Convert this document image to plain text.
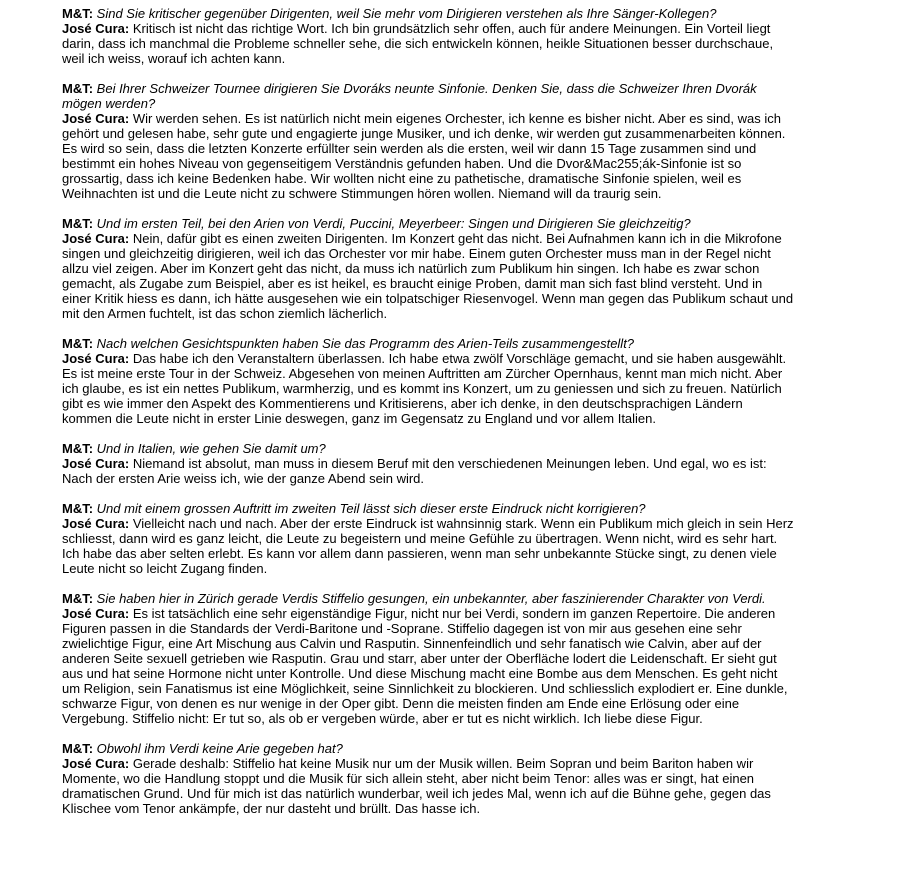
M&T: Sind Sie kritischer gegenüber Dirigenten, weil Sie mehr vom Dirigieren verstehen als Ihre Sänger-Kollegen?
José Cura: Kritisch ist nicht das richtige Wort. Ich bin grundsätzlich sehr offen, auch für andere Meinungen. Ein Vorteil liegt darin, dass ich manchmal die Probleme schneller sehe, die sich entwickeln können, heikle Situationen besser durchschaue, weil ich weiss, worauf ich achten kann.
M&T: Bei Ihrer Schweizer Tournee dirigieren Sie Dvoráks neunte Sinfonie. Denken Sie, dass die Schweizer Ihren Dvorák mögen werden?
José Cura: Wir werden sehen. Es ist natürlich nicht mein eigenes Orchester, ich kenne es bisher nicht. Aber es sind, was ich gehört und gelesen habe, sehr gute und engagierte junge Musiker, und ich denke, wir werden gut zusammenarbeiten können. Es wird so sein, dass die letzten Konzerte erfüllter sein werden als die ersten, weil wir dann 15 Tage zusammen sind und bestimmt ein hohes Niveau von gegenseitigem Verständnis gefunden haben. Und die Dvor&Mac255;ák-Sinfonie ist so grossartig, dass ich keine Bedenken habe. Wir wollten nicht eine zu pathetische, dramatische Sinfonie spielen, weil es Weihnachten ist und die Leute nicht zu schwere Stimmungen hören wollen. Niemand will da traurig sein.
M&T: Und im ersten Teil, bei den Arien von Verdi, Puccini, Meyerbeer: Singen und Dirigieren Sie gleichzeitig?
José Cura: Nein, dafür gibt es einen zweiten Dirigenten. Im Konzert geht das nicht. Bei Aufnahmen kann ich in die Mikrofone singen und gleichzeitig dirigieren, weil ich das Orchester vor mir habe. Einem guten Orchester muss man in der Regel nicht allzu viel zeigen. Aber im Konzert geht das nicht, da muss ich natürlich zum Publikum hin singen. Ich habe es zwar schon gemacht, als Zugabe zum Beispiel, aber es ist heikel, es braucht einige Proben, damit man sich fast blind versteht. Und in einer Kritik hiess es dann, ich hätte ausgesehen wie ein tolpatschiger Riesenvogel. Wenn man gegen das Publikum schaut und mit den Armen fuchtelt, ist das schon ziemlich lächerlich.
M&T: Nach welchen Gesichtspunkten haben Sie das Programm des Arien-Teils zusammengestellt?
José Cura: Das habe ich den Veranstaltern überlassen. Ich habe etwa zwölf Vorschläge gemacht, und sie haben ausgewählt. Es ist meine erste Tour in der Schweiz. Abgesehen von meinen Auftritten am Zürcher Opernhaus, kennt man mich nicht. Aber ich glaube, es ist ein nettes Publikum, warmherzig, und es kommt ins Konzert, um zu geniessen und sich zu freuen. Natürlich gibt es wie immer den Aspekt des Kommentierens und Kritisierens, aber ich denke, in den deutschsprachigen Ländern kommen die Leute nicht in erster Linie deswegen, ganz im Gegensatz zu England und vor allem Italien.
M&T: Und in Italien, wie gehen Sie damit um?
José Cura: Niemand ist absolut, man muss in diesem Beruf mit den verschiedenen Meinungen leben. Und egal, wo es ist: Nach der ersten Arie weiss ich, wie der ganze Abend sein wird.
M&T: Und mit einem grossen Auftritt im zweiten Teil lässt sich dieser erste Eindruck nicht korrigieren?
José Cura: Vielleicht nach und nach. Aber der erste Eindruck ist wahnsinnig stark. Wenn ein Publikum mich gleich in sein Herz schliesst, dann wird es ganz leicht, die Leute zu begeistern und meine Gefühle zu übertragen. Wenn nicht, wird es sehr hart. Ich habe das aber selten erlebt. Es kann vor allem dann passieren, wenn man sehr unbekannte Stücke singt, zu denen viele Leute nicht so leicht Zugang finden.
M&T: Sie haben hier in Zürich gerade Verdis Stiffelio gesungen, ein unbekannter, aber faszinierender Charakter von Verdi.
José Cura: Es ist tatsächlich eine sehr eigenständige Figur, nicht nur bei Verdi, sondern im ganzen Repertoire. Die anderen Figuren passen in die Standards der Verdi-Baritone und -Soprane. Stiffelio dagegen ist von mir aus gesehen eine sehr zwielichtige Figur, eine Art Mischung aus Calvin und Rasputin. Sinnenfeindlich und sehr fanatisch wie Calvin, aber auf der anderen Seite sexuell getrieben wie Rasputin. Grau und starr, aber unter der Oberfläche lodert die Leidenschaft. Er sieht gut aus und hat seine Hormone nicht unter Kontrolle. Und diese Mischung macht eine Bombe aus dem Menschen. Es geht nicht um Religion, sein Fanatismus ist eine Möglichkeit, seine Sinnlichkeit zu blockieren. Und schliesslich explodiert er. Eine dunkle, schwarze Figur, von denen es nur wenige in der Oper gibt. Denn die meisten finden am Ende eine Erlösung oder eine Vergebung. Stiffelio nicht: Er tut so, als ob er vergeben würde, aber er tut es nicht wirklich. Ich liebe diese Figur.
M&T: Obwohl ihm Verdi keine Arie gegeben hat?
José Cura: Gerade deshalb: Stiffelio hat keine Musik nur um der Musik willen. Beim Sopran und beim Bariton haben wir Momente, wo die Handlung stoppt und die Musik für sich allein steht, aber nicht beim Tenor: alles was er singt, hat einen dramatischen Grund. Und für mich ist das natürlich wunderbar, weil ich jedes Mal, wenn ich auf die Bühne gehe, gegen das Klischee vom Tenor ankämpfe, der nur dasteht und brüllt. Das hasse ich.
